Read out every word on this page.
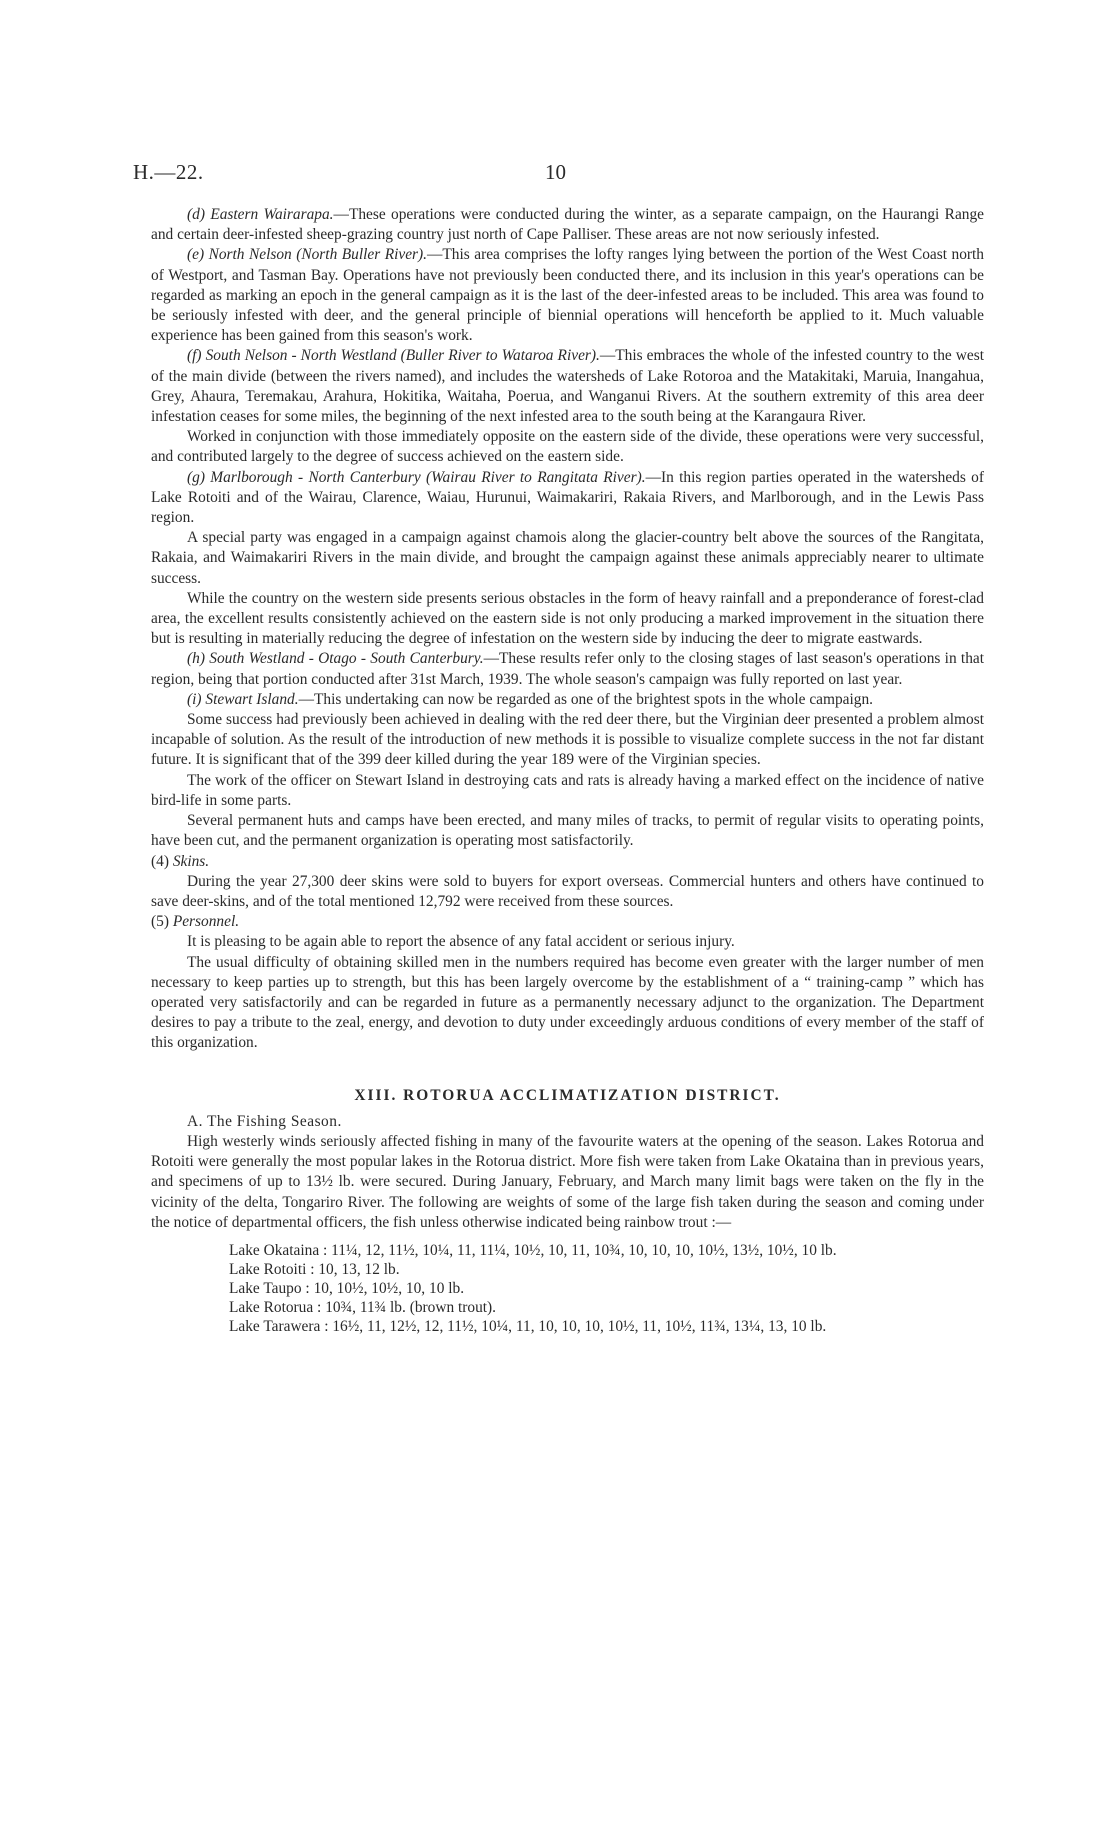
H.—22.	10

(d) Eastern Wairarapa.—These operations were conducted during the winter, as a separate campaign, on the Haurangi Range and certain deer-infested sheep-grazing country just north of Cape Palliser. These areas are not now seriously infested.

(e) North Nelson (North Buller River).—This area comprises the lofty ranges lying between the portion of the West Coast north of Westport, and Tasman Bay. Operations have not previously been conducted there, and its inclusion in this year's operations can be regarded as marking an epoch in the general campaign as it is the last of the deer-infested areas to be included. This area was found to be seriously infested with deer, and the general principle of biennial operations will henceforth be applied to it. Much valuable experience has been gained from this season's work.

(f) South Nelson - North Westland (Buller River to Wataroa River).—This embraces the whole of the infested country to the west of the main divide (between the rivers named), and includes the watersheds of Lake Rotoroa and the Matakitaki, Maruia, Inangahua, Grey, Ahaura, Teremakau, Arahura, Hokitika, Waitaha, Poerua, and Wanganui Rivers. At the southern extremity of this area deer infestation ceases for some miles, the beginning of the next infested area to the south being at the Karangaura River.

Worked in conjunction with those immediately opposite on the eastern side of the divide, these operations were very successful, and contributed largely to the degree of success achieved on the eastern side.

(g) Marlborough - North Canterbury (Wairau River to Rangitata River).—In this region parties operated in the watersheds of Lake Rotoiti and of the Wairau, Clarence, Waiau, Hurunui, Waimakariri, Rakaia Rivers, and Marlborough, and in the Lewis Pass region.

A special party was engaged in a campaign against chamois along the glacier-country belt above the sources of the Rangitata, Rakaia, and Waimakariri Rivers in the main divide, and brought the campaign against these animals appreciably nearer to ultimate success.

While the country on the western side presents serious obstacles in the form of heavy rainfall and a preponderance of forest-clad area, the excellent results consistently achieved on the eastern side is not only producing a marked improvement in the situation there but is resulting in materially reducing the degree of infestation on the western side by inducing the deer to migrate eastwards.

(h) South Westland - Otago - South Canterbury.—These results refer only to the closing stages of last season's operations in that region, being that portion conducted after 31st March, 1939. The whole season's campaign was fully reported on last year.

(i) Stewart Island.—This undertaking can now be regarded as one of the brightest spots in the whole campaign.

Some success had previously been achieved in dealing with the red deer there, but the Virginian deer presented a problem almost incapable of solution. As the result of the introduction of new methods it is possible to visualize complete success in the not far distant future. It is significant that of the 399 deer killed during the year 189 were of the Virginian species.

The work of the officer on Stewart Island in destroying cats and rats is already having a marked effect on the incidence of native bird-life in some parts.

Several permanent huts and camps have been erected, and many miles of tracks, to permit of regular visits to operating points, have been cut, and the permanent organization is operating most satisfactorily.

(4) Skins.

During the year 27,300 deer skins were sold to buyers for export overseas. Commercial hunters and others have continued to save deer-skins, and of the total mentioned 12,792 were received from these sources.

(5) Personnel.

It is pleasing to be again able to report the absence of any fatal accident or serious injury.

The usual difficulty of obtaining skilled men in the numbers required has become even greater with the larger number of men necessary to keep parties up to strength, but this has been largely overcome by the establishment of a “ training-camp ” which has operated very satisfactorily and can be regarded in future as a permanently necessary adjunct to the organization. The Department desires to pay a tribute to the zeal, energy, and devotion to duty under exceedingly arduous conditions of every member of the staff of this organization.

XIII. ROTORUA ACCLIMATIZATION DISTRICT.

A. The Fishing Season.

High westerly winds seriously affected fishing in many of the favourite waters at the opening of the season. Lakes Rotorua and Rotoiti were generally the most popular lakes in the Rotorua district. More fish were taken from Lake Okataina than in previous years, and specimens of up to 13½ lb. were secured. During January, February, and March many limit bags were taken on the fly in the vicinity of the delta, Tongariro River. The following are weights of some of the large fish taken during the season and coming under the notice of departmental officers, the fish unless otherwise indicated being rainbow trout :—

Lake Okataina : 11¼, 12, 11½, 10¼, 11, 11¼, 10½, 10, 11, 10¾, 10, 10, 10, 10½, 13½, 10½, 10 lb.
Lake Rotoiti : 10, 13, 12 lb.
Lake Taupo : 10, 10½, 10½, 10, 10 lb.
Lake Rotorua : 10¾, 11¾ lb. (brown trout).
Lake Tarawera : 16½, 11, 12½, 12, 11½, 10¼, 11, 10, 10, 10, 10½, 11, 10½, 11¾, 13¼, 13, 10 lb.
